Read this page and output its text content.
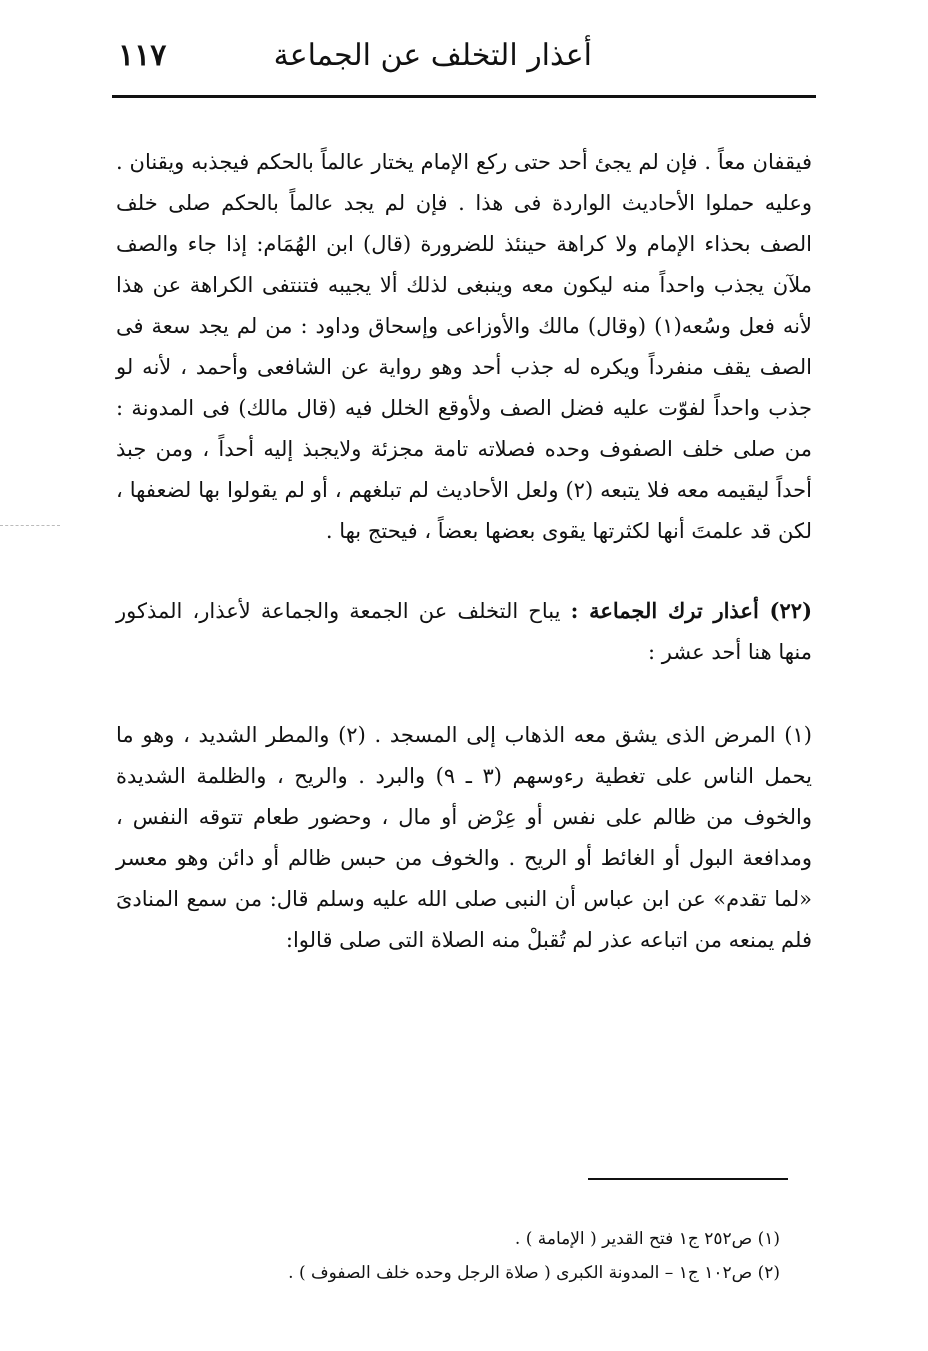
أعذار التخلف عن الجماعة
١١٧

فيقفان معاً . فإن لم يجئ أحد حتى ركع الإمام يختار عالماً بالحكم فيجذبه ويقنان . وعليه حملوا الأحاديث الواردة فى هذا . فإن لم يجد عالماً بالحكم صلى خلف الصف بحذاء الإمام ولا كراهة حينئذ للضرورة (قال) ابن الهُمَام: إذا جاء والصف ملآن يجذب واحداً منه ليكون معه وينبغى لذلك ألا يجيبه فتنتفى الكراهة عن هذا لأنه فعل وسُعه(١) (وقال) مالك والأوزاعى وإسحاق وداود : من لم يجد سعة فى الصف يقف منفرداً ويكره له جذب أحد وهو رواية عن الشافعى وأحمد ، لأنه لو جذب واحداً لفوّت عليه فضل الصف ولأوقع الخلل فيه (قال مالك) فى المدونة : من صلى خلف الصفوف وحده فصلاته تامة مجزئة ولايجبذ إليه أحداً ، ومن جبذ أحداً ليقيمه معه فلا يتبعه (٢) ولعل الأحاديث لم تبلغهم ، أو لم يقولوا بها لضعفها ، لكن قد علمتَ أنها لكثرتها يقوى بعضها بعضاً ، فيحتج بها .

(٢٢) أعذار ترك الجماعة : يباح التخلف عن الجمعة والجماعة لأعذار، المذكور منها هنا أحد عشر :

(١) المرض الذى يشق معه الذهاب إلى المسجد . (٢) والمطر الشديد ، وهو ما يحمل الناس على تغطية رءوسهم (٣ ـ ٩) والبرد . والريح ، والظلمة الشديدة والخوف من ظالم على نفس أو عِرْض أو مال ، وحضور طعام تتوقه النفس ، ومدافعة البول أو الغائط أو الريح . والخوف من حبس ظالم أو دائن وهو معسر «لما تقدم» عن ابن عباس أن النبى صلى الله عليه وسلم قال: من سمع المنادىَ فلم يمنعه من اتباعه عذر لم تُقبلْ منه الصلاة التى صلى قالوا:

(١) ص٢٥٢ ج١ فتح القدير ( الإمامة ) .

(٢) ص١٠٢ ج١ – المدونة الكبرى ( صلاة الرجل وحده خلف الصفوف ) .
